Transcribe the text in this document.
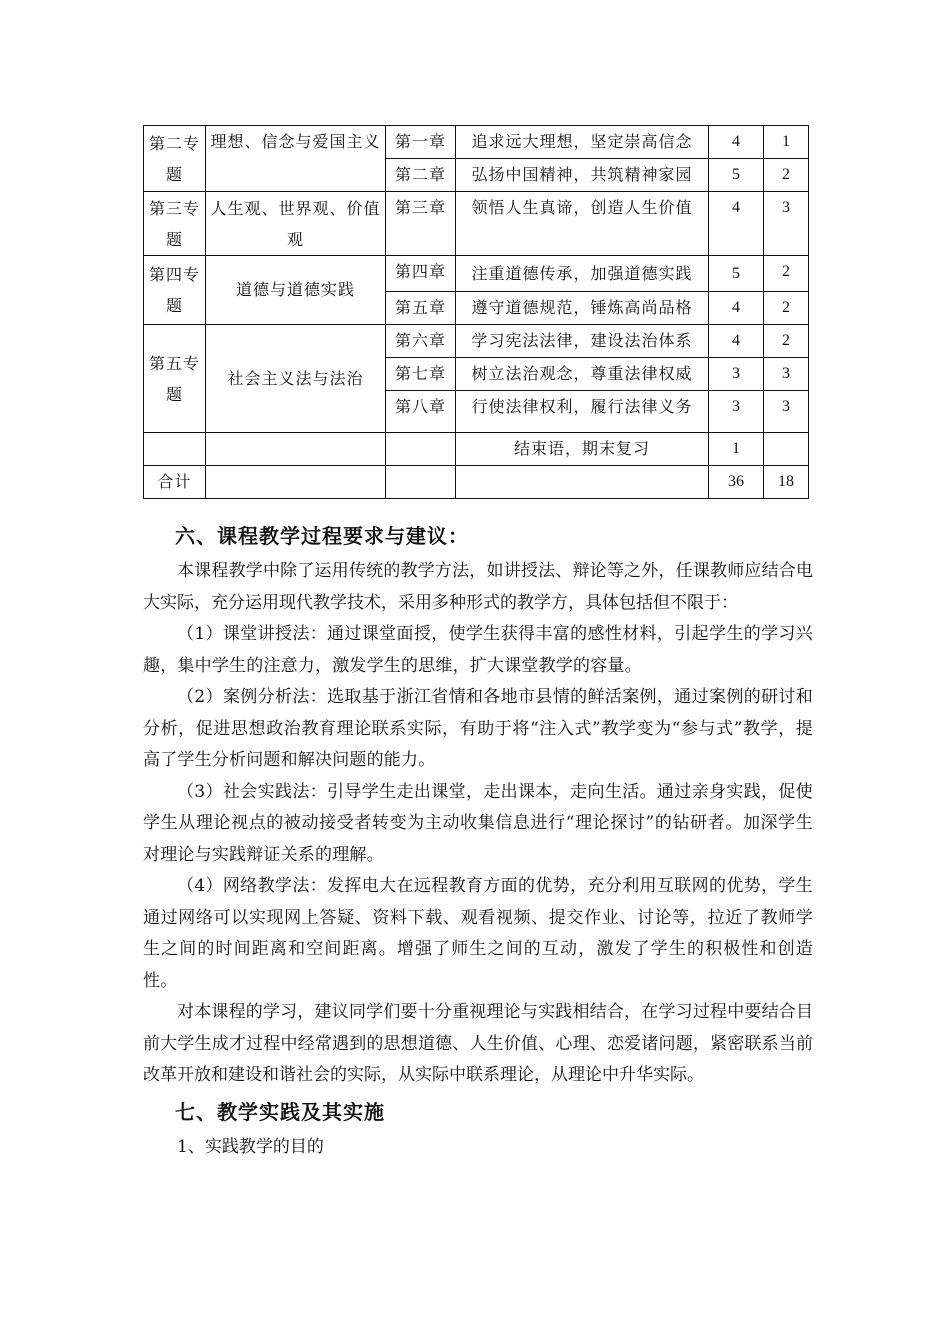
第二专题	理想、信念与爱国主义	第一章	追求远大理想，坚定崇高信念	4	1
		第二章	弘扬中国精神，共筑精神家园	5	2
第三专题	人生观、世界观、价值观	第三章	领悟人生真谛，创造人生价值	4	3
第四专题	道德与道德实践	第四章	注重道德传承，加强道德实践	5	2
		第五章	遵守道德规范，锤炼高尚品格	4	2
第五专题	社会主义法与法治	第六章	学习宪法法律，建设法治体系	4	2
		第七章	树立法治观念，尊重法律权威	3	3
		第八章	行使法律权利，履行法律义务	3	3
			结束语，期末复习	1	
合计				36	18
六、课程教学过程要求与建议：

本课程教学中除了运用传统的教学方法，如讲授法、辩论等之外，任课教师应结合电大实际，充分运用现代教学技术，采用多种形式的教学方，具体包括但不限于：

（1）课堂讲授法：通过课堂面授，使学生获得丰富的感性材料，引起学生的学习兴趣，集中学生的注意力，激发学生的思维，扩大课堂教学的容量。

（2）案例分析法：选取基于浙江省情和各地市县情的鲜活案例，通过案例的研讨和分析，促进思想政治教育理论联系实际，有助于将“注入式”教学变为“参与式”教学，提高了学生分析问题和解决问题的能力。

（3）社会实践法：引导学生走出课堂，走出课本，走向生活。通过亲身实践，促使学生从理论视点的被动接受者转变为主动收集信息进行“理论探讨”的钻研者。加深学生对理论与实践辩证关系的理解。

（4）网络教学法：发挥电大在远程教育方面的优势，充分利用互联网的优势，学生通过网络可以实现网上答疑、资料下载、观看视频、提交作业、讨论等，拉近了教师学生之间的时间距离和空间距离。增强了师生之间的互动，激发了学生的积极性和创造性。

对本课程的学习，建议同学们要十分重视理论与实践相结合，在学习过程中要结合目前大学生成才过程中经常遇到的思想道德、人生价值、心理、恋爱诸问题，紧密联系当前改革开放和建设和谐社会的实际，从实际中联系理论，从理论中升华实际。

七、教学实践及其实施

1、实践教学的目的
